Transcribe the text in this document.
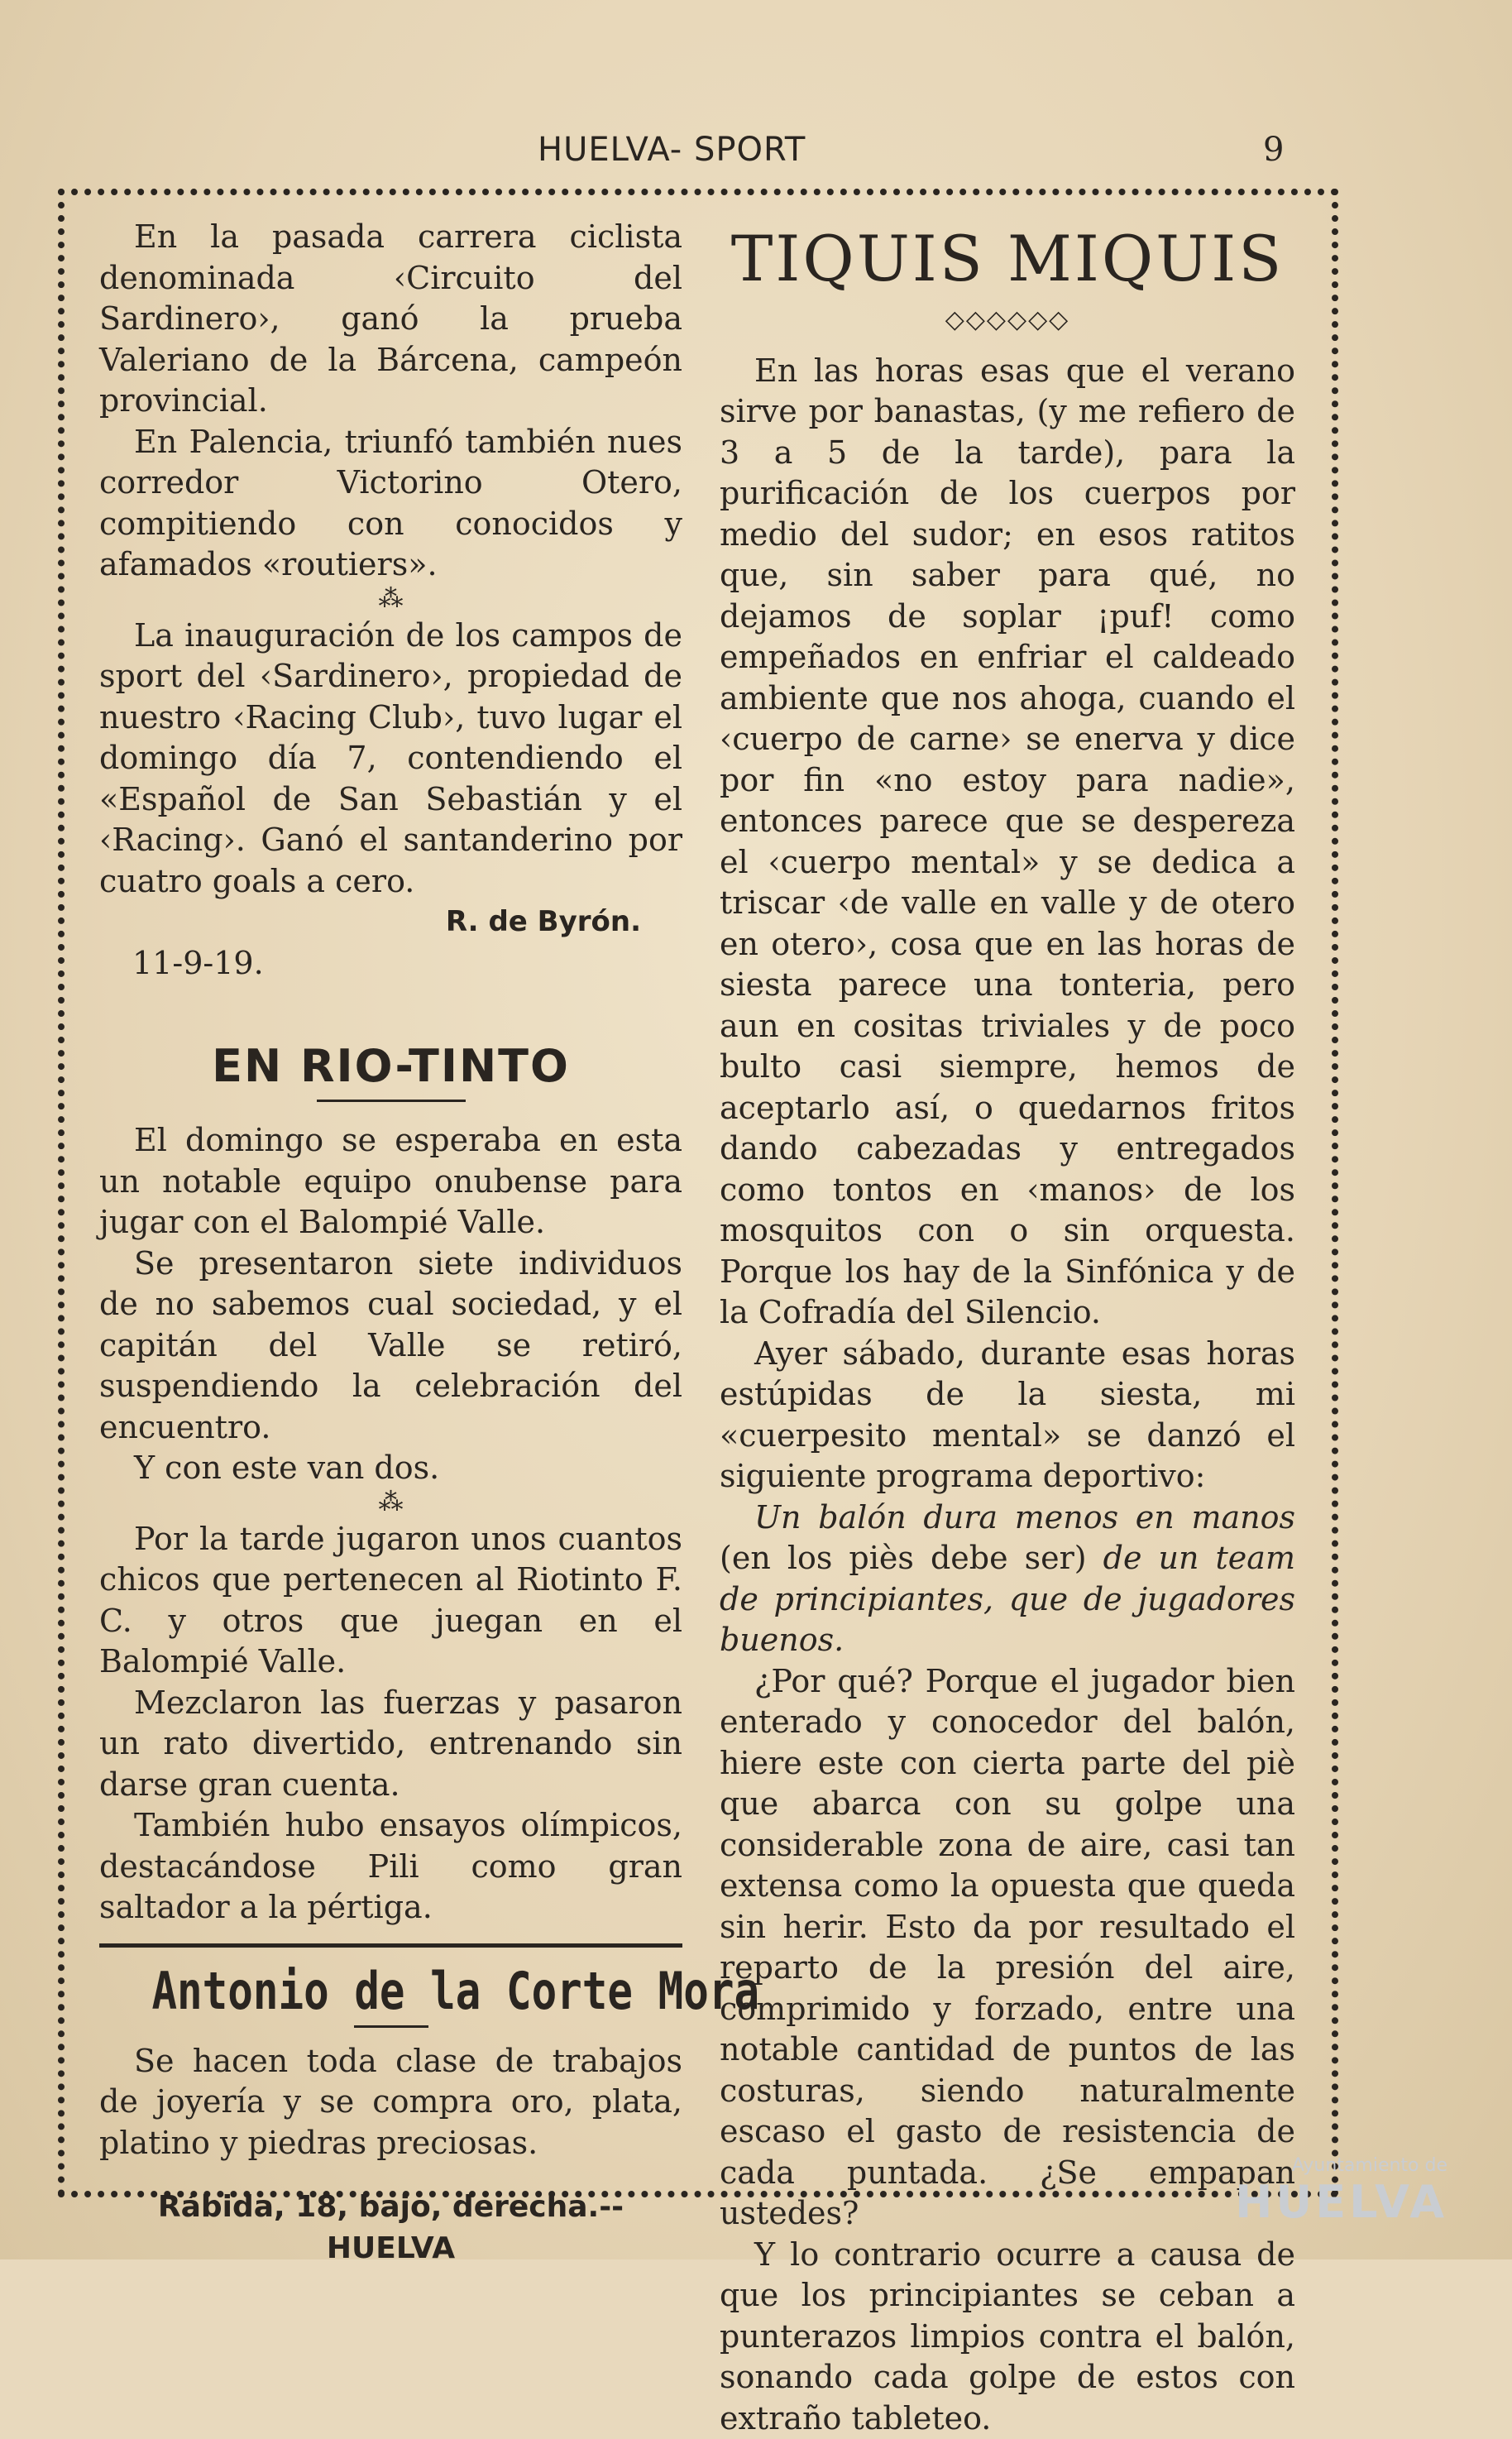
HUELVA- SPORT	9

En la pasada carrera ciclista denominada ‹Circuito del Sardinero›, ganó la prueba Valeriano de la Bárcena, campeón provincial.

En Palencia, triunfó también nues corredor Victorino Otero, compitiendo con conocidos y afamados «routiers».

⁂

La inauguración de los campos de sport del ‹Sardinero›, propiedad de nuestro ‹Racing Club›, tuvo lugar el domingo día 7, contendiendo el «Español de San Sebastián y el ‹Racing›. Ganó el santanderino por cuatro goals a cero.

R. de Byrón.
11-9-19.
EN RIO-TINTO

El domingo se esperaba en esta un notable equipo onubense para jugar con el Balompié Valle.

Se presentaron siete individuos de no sabemos cual sociedad, y el capitán del Valle se retiró, suspendiendo la celebración del encuentro.

Y con este van dos.

⁂

Por la tarde jugaron unos cuantos chicos que pertenecen al Riotinto F. C. y otros que juegan en el Balompié Valle.

Mezclaron las fuerzas y pasaron un rato divertido, entrenando sin darse gran cuenta.

También hubo ensayos olímpicos, destacándose Pili como gran saltador a la pértiga.

Antonio de la Corte Mora

Se hacen toda clase de trabajos de joyería y se compra oro, plata, platino y piedras preciosas.

Rábida, 18, bajo, derecha.--HUELVA
TIQUIS MIQUIS
◇◇◇◇◇◇

En las horas esas que el verano sirve por banastas, (y me refiero de 3 a 5 de la tarde), para la purificación de los cuerpos por medio del sudor; en esos ratitos que, sin saber para qué, no dejamos de soplar ¡puf! como empeñados en enfriar el caldeado ambiente que nos ahoga, cuando el ‹cuerpo de carne› se enerva y dice por fin «no estoy para nadie», entonces parece que se desperezа el ‹cuerpo mental» y se dedica a triscar ‹de valle en valle y de otero en otero›, cosa que en las horas de siesta parece una tonteria, pero aun en cositas triviales y de poco bulto casi siempre, hemos de aceptarlo así, o quedarnos fritos dando cabezadas y entregados como tontos en ‹manos› de los mosquitos con o sin orquesta. Porque los hay de la Sinfónica y de la Cofradía del Silencio.

Ayer sábado, durante esas horas estúpidas de la siesta, mi «cuerpesito mental» se danzó el siguiente programa deportivo:

Un balón dura menos en manos (en los piès debe ser) de un team de principiantes, que de jugadores buenos.

¿Por qué? Porque el jugador bien enterado y conocedor del balón, hiere este con cierta parte del piè que abarca con su golpe una considerable zona de aire, casi tan extensa como la opuesta que queda sin herir. Esto da por resultado el reparto de la presión del aire, comprimido y forzado, entre una notable cantidad de puntos de las costuras, siendo naturalmente escaso el gasto de resistencia de cada puntada. ¿Se empapan ustedes?

Y lo contrario ocurre a causa de que los principiantes se ceban a punterazos limpios contra el balón, sonando cada golpe de estos con extraño tableteo.

Ayuntamiento de
HUELVA
